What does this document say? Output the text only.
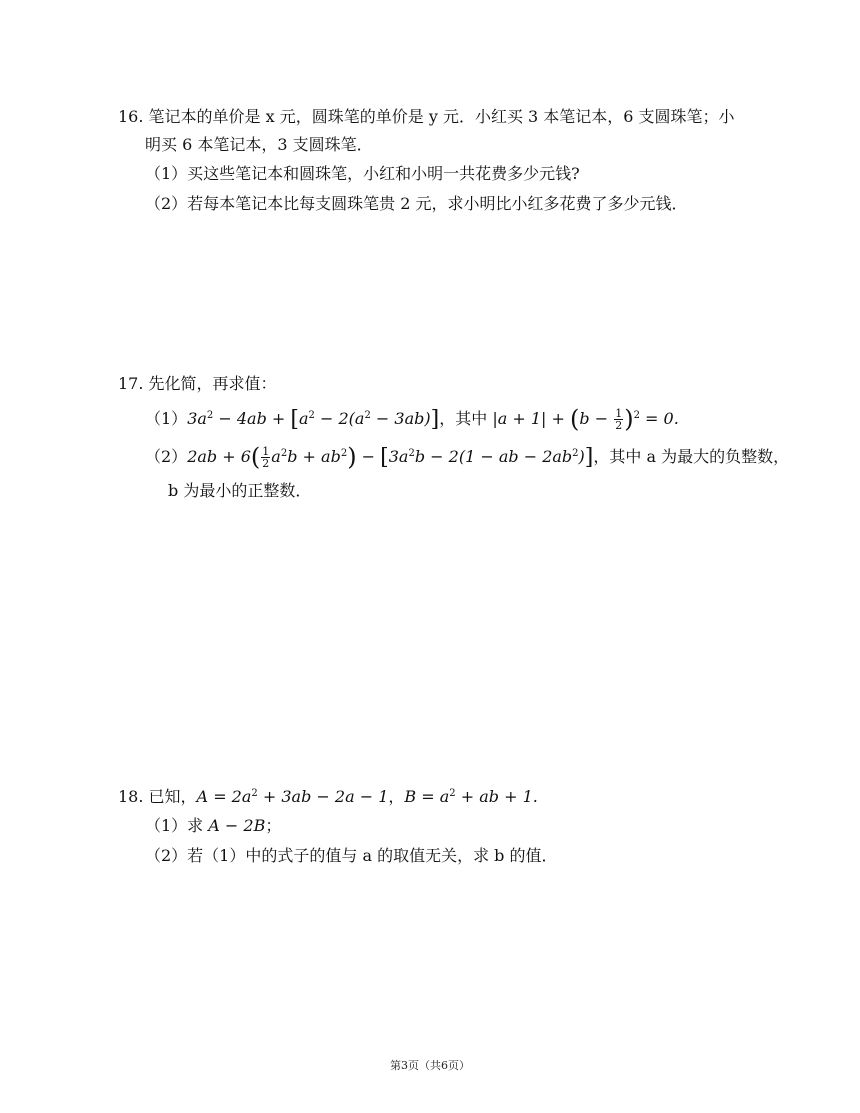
16. 笔记本的单价是 x 元，圆珠笔的单价是 y 元．小红买 3 本笔记本，6 支圆珠笔；小
明买 6 本笔记本，3 支圆珠笔．
（1）买这些笔记本和圆珠笔，小红和小明一共花费多少元钱?
（2）若每本笔记本比每支圆珠笔贵 2 元，求小明比小红多花费了多少元钱．
17. 先化简，再求值：
$(1)3a^2 - 4ab + [a^2 - 2(a^2 - 3ab)]$，其中 $|a + 1| + (b - \frac{1}{2} )^2 = 0$.
$(2)2ab + 6( \frac{1}{2} a^2b + ab^2) - [3a^2b - 2(1$ − ab − $2ab^2$)]，其中 a 为最大的负整数，
b 为最小的正整数．
18. 已知，$A = 2a^2 + 3ab - 2a - 1$，$B = a^2$ + ab + 1.
（1）求 A − 2B；
（2）若（1）中的式子的值与 a 的取值无关，求 b 的值．
第3页（共6页）
